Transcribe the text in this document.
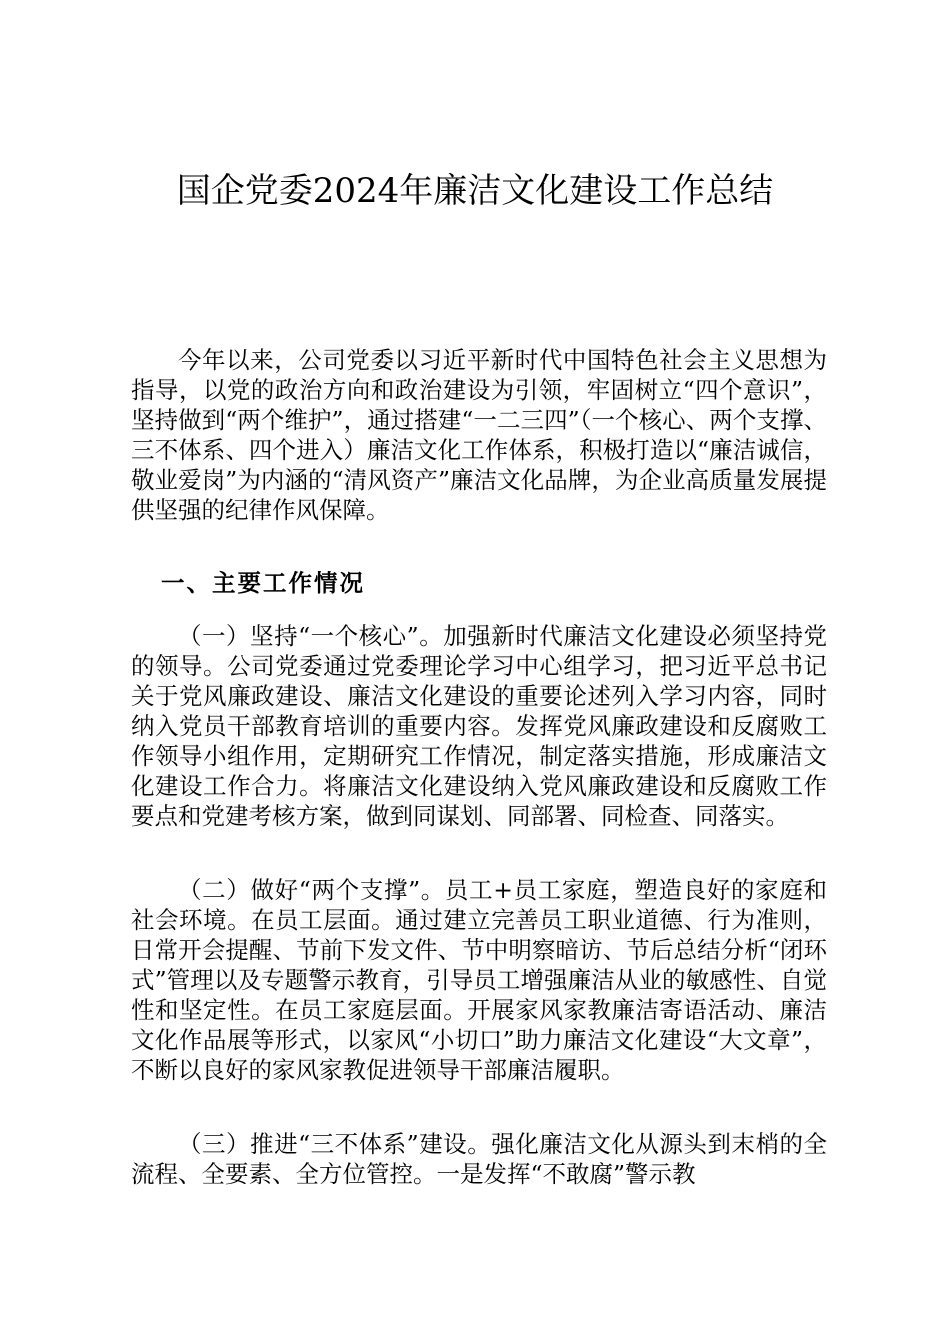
国企党委2024年廉洁文化建设工作总结

今年以来，公司党委以习近平新时代中国特色社会主义思想为指导，以党的政治方向和政治建设为引领，牢固树立“四个意识”，坚持做到“两个维护”，通过搭建“一二三四”（一个核心、两个支撑、三不体系、四个进入）廉洁文化工作体系，积极打造以“廉洁诚信，敬业爱岗”为内涵的“清风资产”廉洁文化品牌，为企业高质量发展提供坚强的纪律作风保障。

一、主要工作情况

（一）坚持“一个核心”。加强新时代廉洁文化建设必须坚持党的领导。公司党委通过党委理论学习中心组学习，把习近平总书记关于党风廉政建设、廉洁文化建设的重要论述列入学习内容，同时纳入党员干部教育培训的重要内容。发挥党风廉政建设和反腐败工作领导小组作用，定期研究工作情况，制定落实措施，形成廉洁文化建设工作合力。将廉洁文化建设纳入党风廉政建设和反腐败工作要点和党建考核方案，做到同谋划、同部署、同检查、同落实。

（二）做好“两个支撑”。员工+员工家庭，塑造良好的家庭和社会环境。在员工层面。通过建立完善员工职业道德、行为准则，日常开会提醒、节前下发文件、节中明察暗访、节后总结分析“闭环式”管理以及专题警示教育，引导员工增强廉洁从业的敏感性、自觉性和坚定性。在员工家庭层面。开展家风家教廉洁寄语活动、廉洁文化作品展等形式，以家风“小切口”助力廉洁文化建设“大文章”，不断以良好的家风家教促进领导干部廉洁履职。

（三）推进“三不体系”建设。强化廉洁文化从源头到末梢的全流程、全要素、全方位管控。一是发挥“不敢腐”警示教
